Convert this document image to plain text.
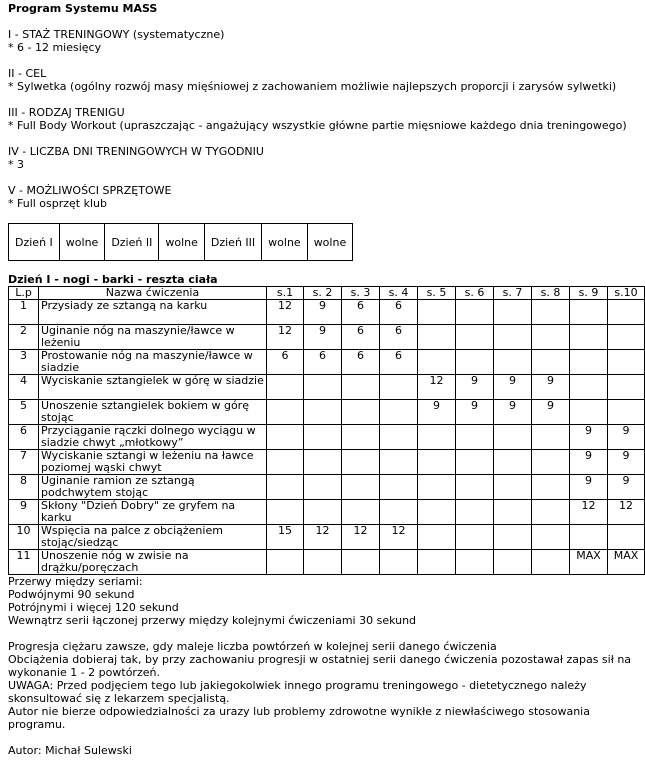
Program Systemu MASS
I - STAŻ TRENINGOWY (systematyczne)
* 6 - 12 miesięcy
II - CEL
* Sylwetka (ogólny rozwój masy mięśniowej z zachowaniem możliwie najlepszych proporcji i zarysów sylwetki)
III - RODZAJ TRENIGU
* Full Body Workout (upraszczając - angażujący wszystkie główne partie mięsniowe każdego dnia treningowego)
IV - LICZBA DNI TRENINGOWYCH W TYGODNIU
* 3
V - MOŻLIWOŚCI SPRZĘTOWE
* Full osprzęt klub
Dzień I	wolne	Dzień II	wolne	Dzień III	wolne	wolne
Dzień I - nogi - barki - reszta ciała
L.p	Nazwa ćwiczenia	s.1	s. 2	s. 3	s. 4	s. 5	s. 6	s. 7	s. 8	s. 9	s.10
1	Przysiady ze sztangą na karku	12	9	6	6						
2	Uginanie nóg na maszynie/ławce w leżeniu	12	9	6	6						
3	Prostowanie nóg na maszynie/ławce w siadzie	6	6	6	6						
4	Wyciskanie sztangielek w górę w siadzie					12	9	9	9		
5	Unoszenie sztangielek bokiem w górę stojąc					9	9	9	9		
6	Przyciąganie rączki dolnego wyciągu w siadzie chwyt „młotkowy”									9	9
7	Wyciskanie sztangi w leżeniu na ławce poziomej wąski chwyt									9	9
8	Uginanie ramion ze sztangą podchwytem stojąc									9	9
9	Skłony "Dzień Dobry" ze gryfem na karku									12	12
10	Wspięcia na palce z obciążeniem stojąc/siedząc	15	12	12	12						
11	Unoszenie nóg w zwisie na drążku/poręczach									MAX	MAX
Przerwy między seriami:
Podwójnymi 90 sekund
Potrójnymi i więcej 120 sekund
Wewnątrz serii łączonej przerwy między kolejnymi ćwiczeniami 30 sekund
Progresja ciężaru zawsze, gdy maleje liczba powtórzeń w kolejnej serii danego ćwiczenia
Obciążenia dobieraj tak, by przy zachowaniu progresji w ostatniej serii danego ćwiczenia pozostawał zapas sił na wykonanie 1 - 2 powtórzeń.
UWAGA: Przed podjęciem tego lub jakiegokolwiek innego programu treningowego - dietetycznego należy skonsultować się z lekarzem specjalistą.
Autor nie bierze odpowiedzialności za urazy lub problemy zdrowotne wynikłe z niewłaściwego stosowania programu.
Autor: Michał Sulewski
